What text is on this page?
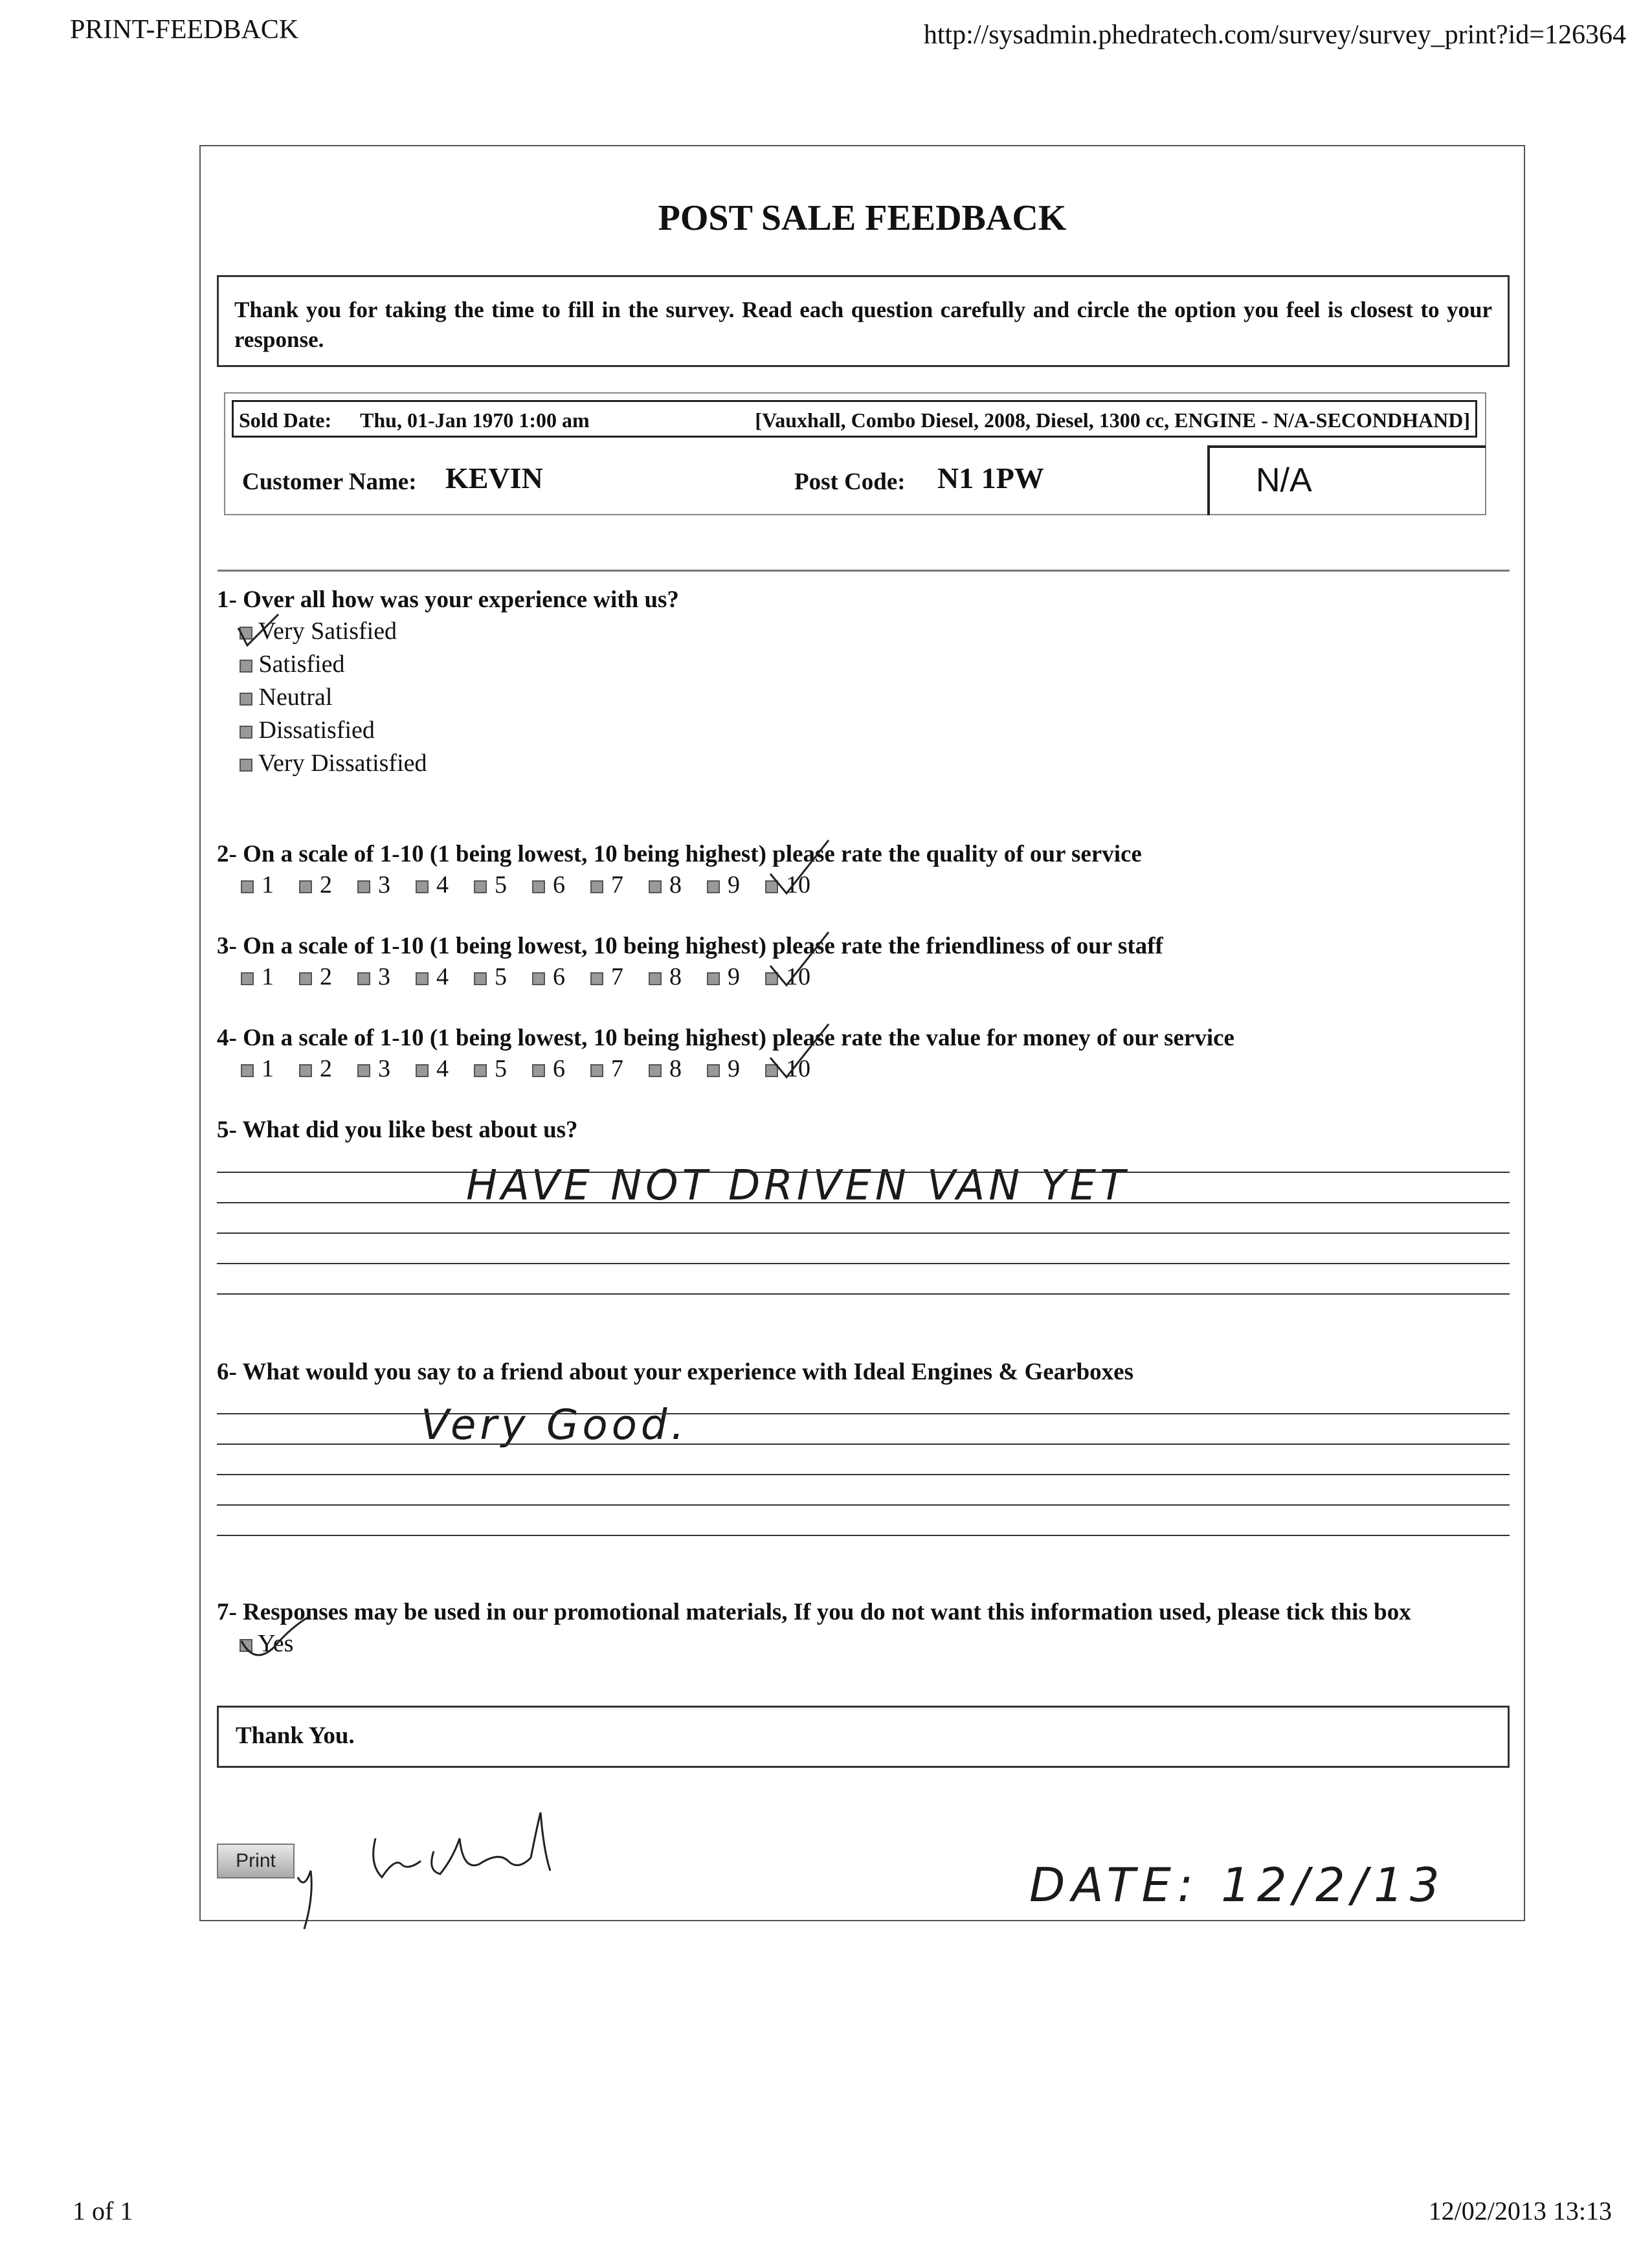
PRINT-FEEDBACK	http://sysadmin.phedratech.com/survey/survey_print?id=126364
POST SALE FEEDBACK
Thank you for taking the time to fill in the survey. Read each question carefully and circle the option you feel is closest to your response.
Sold Date: Thu, 01-Jan 1970 1:00 am	[Vauxhall, Combo Diesel, 2008, Diesel, 1300 cc, ENGINE - N/A-SECONDHAND]
Customer Name: KEVIN	Post Code: N1 1PW	N/A
1- Over all how was your experience with us?
Very Satisfied
Satisfied
Neutral
Dissatisfied
Very Dissatisfied
2- On a scale of 1-10 (1 being lowest, 10 being highest) please rate the quality of our service
1 2 3 4 5 6 7 8 9 10
3- On a scale of 1-10 (1 being lowest, 10 being highest) please rate the friendliness of our staff
1 2 3 4 5 6 7 8 9 10
4- On a scale of 1-10 (1 being lowest, 10 being highest) please rate the value for money of our service
1 2 3 4 5 6 7 8 9 10
5- What did you like best about us?
HAVE NOT DRIVEN VAN YET
6- What would you say to a friend about your experience with Ideal Engines & Gearboxes
Very Good.
7- Responses may be used in our promotional materials, If you do not want this information used, please tick this box
Yes
Thank You.
Print	DATE: 12/2/13
1 of 1	12/02/2013 13:13
